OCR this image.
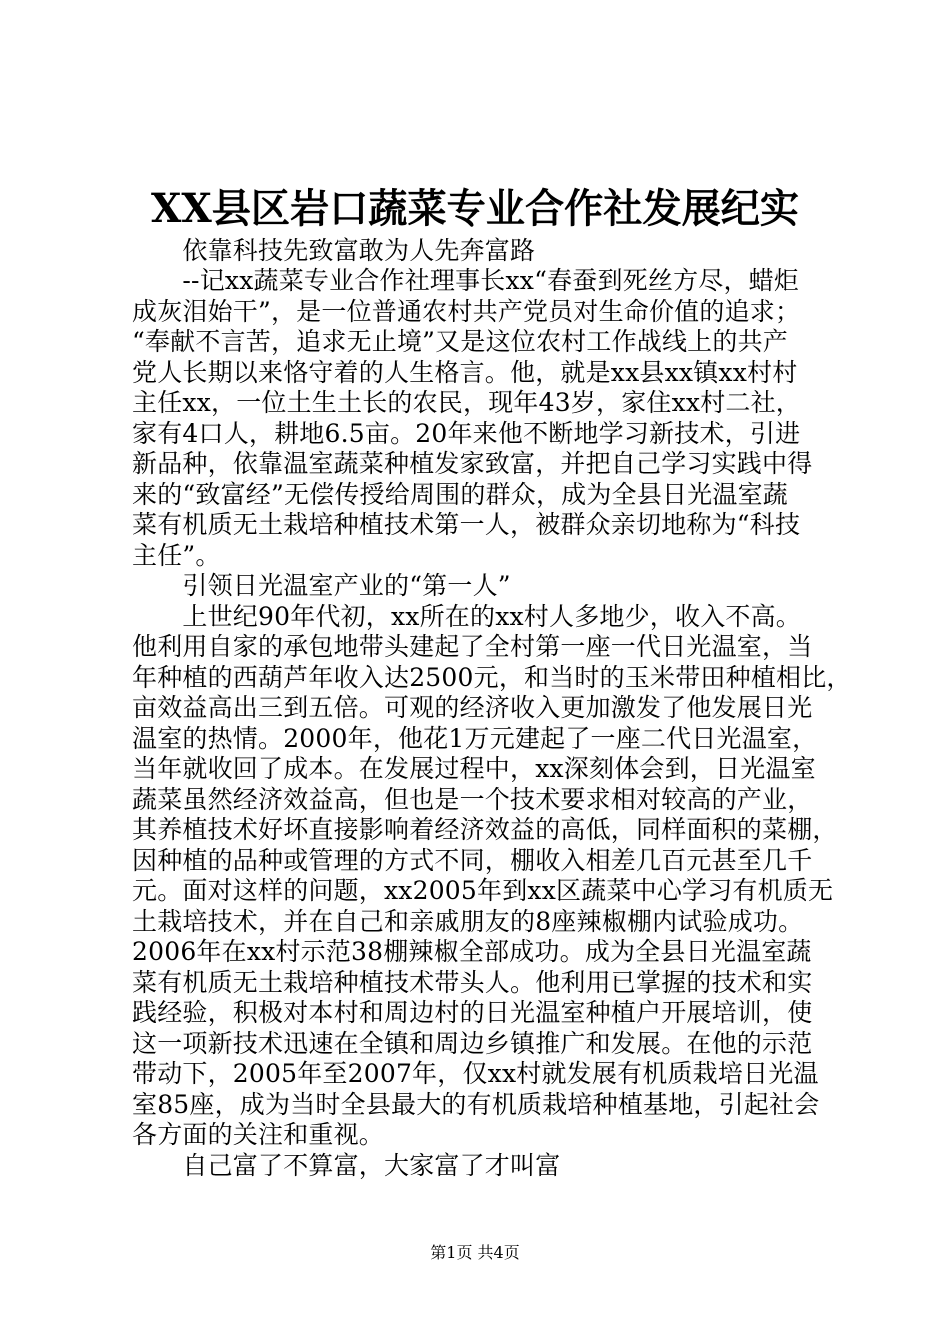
XX县区岩口蔬菜专业合作社发展纪实
　　依靠科技先致富敢为人先奔富路
　　--记xx蔬菜专业合作社理事长xx“春蚕到死丝方尽，蜡炬
成灰泪始干”，是一位普通农村共产党员对生命价值的追求；
“奉献不言苦，追求无止境”又是这位农村工作战线上的共产
党人长期以来恪守着的人生格言。他，就是xx县xx镇xx村村
主任xx，一位土生土长的农民，现年43岁，家住xx村二社，
家有4口人，耕地6.5亩。20年来他不断地学习新技术，引进
新品种，依靠温室蔬菜种植发家致富，并把自己学习实践中得
来的“致富经”无偿传授给周围的群众，成为全县日光温室蔬
菜有机质无土栽培种植技术第一人，被群众亲切地称为“科技
主任”。
　　引领日光温室产业的“第一人”
　　上世纪90年代初，xx所在的xx村人多地少，收入不高。
他利用自家的承包地带头建起了全村第一座一代日光温室，当
年种植的西葫芦年收入达2500元，和当时的玉米带田种植相比，
亩效益高出三到五倍。可观的经济收入更加激发了他发展日光
温室的热情。2000年，他花1万元建起了一座二代日光温室，
当年就收回了成本。在发展过程中，xx深刻体会到，日光温室
蔬菜虽然经济效益高，但也是一个技术要求相对较高的产业，
其养植技术好坏直接影响着经济效益的高低，同样面积的菜棚，
因种植的品种或管理的方式不同，棚收入相差几百元甚至几千
元。面对这样的问题，xx2005年到xx区蔬菜中心学习有机质无
土栽培技术，并在自己和亲戚朋友的8座辣椒棚内试验成功。
2006年在xx村示范38棚辣椒全部成功。成为全县日光温室蔬
菜有机质无土栽培种植技术带头人。他利用已掌握的技术和实
践经验，积极对本村和周边村的日光温室种植户开展培训，使
这一项新技术迅速在全镇和周边乡镇推广和发展。在他的示范
带动下，2005年至2007年，仅xx村就发展有机质栽培日光温
室85座，成为当时全县最大的有机质栽培种植基地，引起社会
各方面的关注和重视。
　　自己富了不算富，大家富了才叫富
第1页 共4页
